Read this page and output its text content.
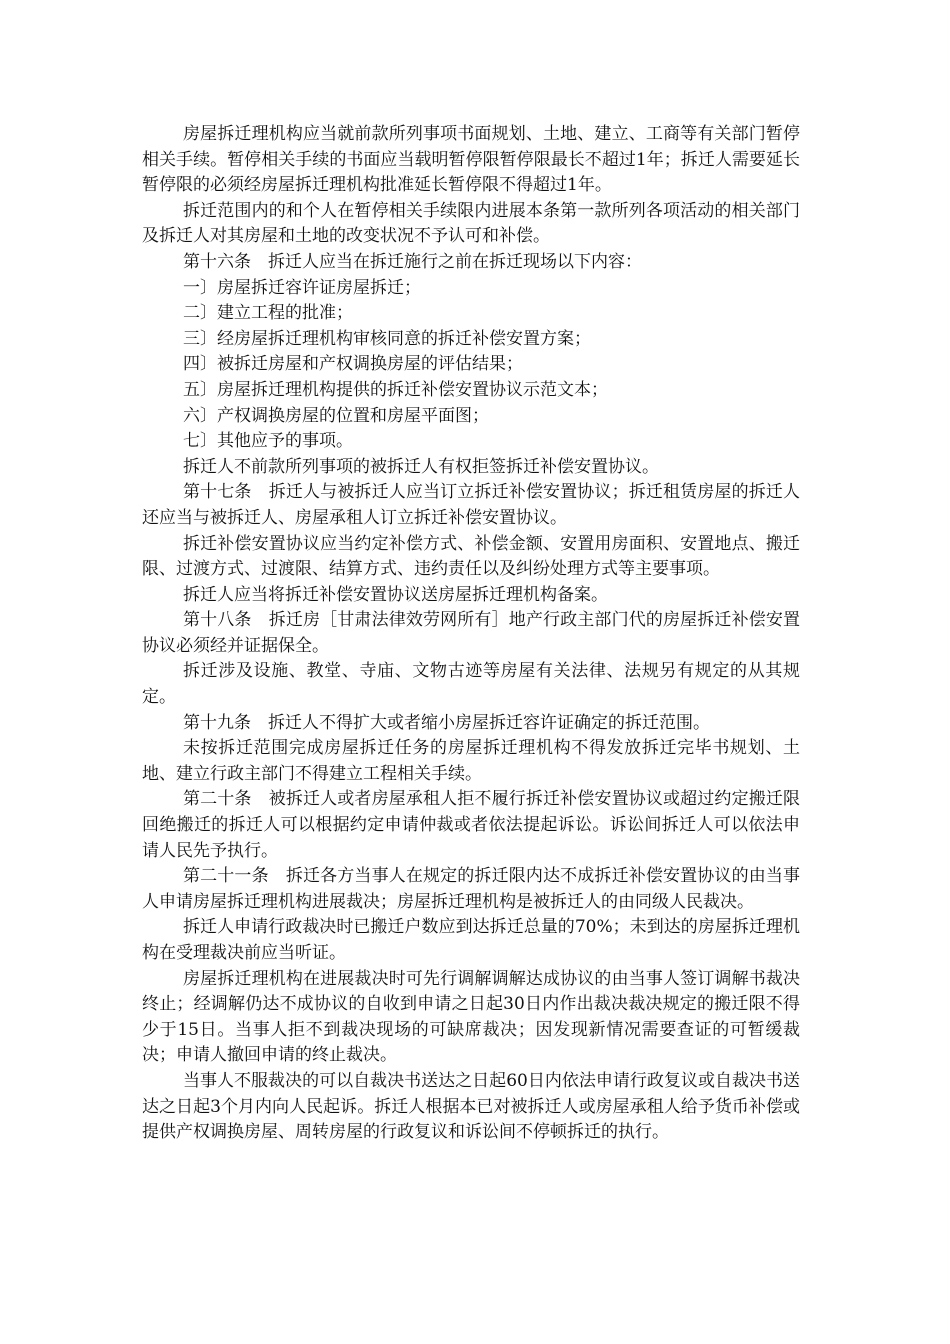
房屋拆迁理机构应当就前款所列事项书面规划、土地、建立、工商等有关部门暂停相关手续。暂停相关手续的书面应当载明暂停限暂停限最长不超过1年；拆迁人需要延长暂停限的必须经房屋拆迁理机构批准延长暂停限不得超过1年。

拆迁范围内的和个人在暂停相关手续限内进展本条第一款所列各项活动的相关部门及拆迁人对其房屋和土地的改变状况不予认可和补偿。

第十六条　拆迁人应当在拆迁施行之前在拆迁现场以下内容：

一〕房屋拆迁容许证房屋拆迁；

二〕建立工程的批准；

三〕经房屋拆迁理机构审核同意的拆迁补偿安置方案；

四〕被拆迁房屋和产权调换房屋的评估结果；

五〕房屋拆迁理机构提供的拆迁补偿安置协议示范文本；

六〕产权调换房屋的位置和房屋平面图；

七〕其他应予的事项。

拆迁人不前款所列事项的被拆迁人有权拒签拆迁补偿安置协议。

第十七条　拆迁人与被拆迁人应当订立拆迁补偿安置协议；拆迁租赁房屋的拆迁人还应当与被拆迁人、房屋承租人订立拆迁补偿安置协议。

拆迁补偿安置协议应当约定补偿方式、补偿金额、安置用房面积、安置地点、搬迁限、过渡方式、过渡限、结算方式、违约责任以及纠纷处理方式等主要事项。

拆迁人应当将拆迁补偿安置协议送房屋拆迁理机构备案。

第十八条　拆迁房［甘肃法律效劳网所有］地产行政主部门代的房屋拆迁补偿安置协议必须经并证据保全。

拆迁涉及设施、教堂、寺庙、文物古迹等房屋有关法律、法规另有规定的从其规定。

第十九条　拆迁人不得扩大或者缩小房屋拆迁容许证确定的拆迁范围。

未按拆迁范围完成房屋拆迁任务的房屋拆迁理机构不得发放拆迁完毕书规划、土地、建立行政主部门不得建立工程相关手续。

第二十条　被拆迁人或者房屋承租人拒不履行拆迁补偿安置协议或超过约定搬迁限回绝搬迁的拆迁人可以根据约定申请仲裁或者依法提起诉讼。诉讼间拆迁人可以依法申请人民先予执行。

第二十一条　拆迁各方当事人在规定的拆迁限内达不成拆迁补偿安置协议的由当事人申请房屋拆迁理机构进展裁决；房屋拆迁理机构是被拆迁人的由同级人民裁决。

拆迁人申请行政裁决时已搬迁户数应到达拆迁总量的70%；未到达的房屋拆迁理机构在受理裁决前应当听证。

房屋拆迁理机构在进展裁决时可先行调解调解达成协议的由当事人签订调解书裁决终止；经调解仍达不成协议的自收到申请之日起30日内作出裁决裁决规定的搬迁限不得少于15日。当事人拒不到裁决现场的可缺席裁决；因发现新情况需要查证的可暂缓裁决；申请人撤回申请的终止裁决。

当事人不服裁决的可以自裁决书送达之日起60日内依法申请行政复议或自裁决书送达之日起3个月内向人民起诉。拆迁人根据本已对被拆迁人或房屋承租人给予货币补偿或提供产权调换房屋、周转房屋的行政复议和诉讼间不停顿拆迁的执行。
